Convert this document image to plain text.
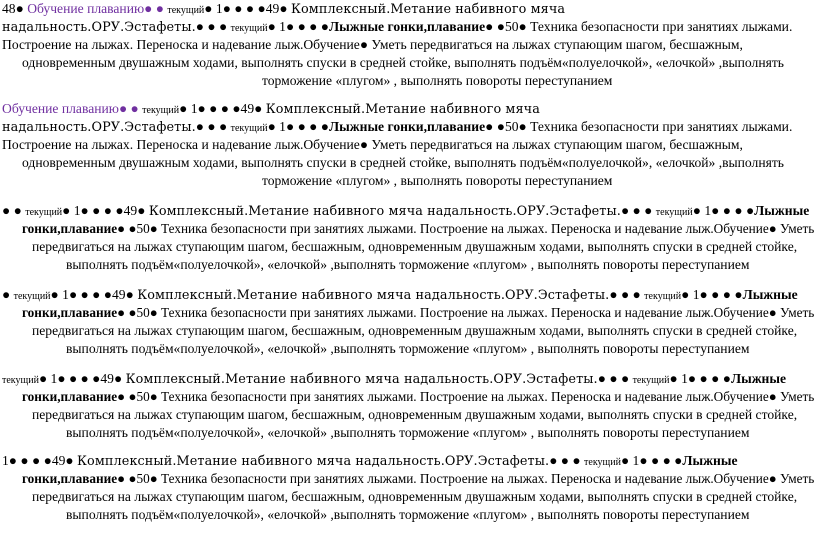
48● Обучение плаванию● ● текущий● 1● ● ● ●49● Комплексный.Метание набивного мяча
надальность.ОРУ.Эстафеты.● ● ● текущий● 1● ● ● ●Лыжные гонки,плавание● ●50● Техника безопасности при занятиях лыжами.
Построение на лыжах. Переноска и надевание лыж.Обучение● Уметь передвигаться на лыжах ступающим шагом, бесшажным,
одновременным двушажным ходами, выполнять спуски в средней стойке, выполнять подъём«полуелочкой», «елочкой» ,выполнять
торможение «плугом» , выполнять повороты переступанием
Обучение плаванию● ● текущий● 1● ● ● ●49● Комплексный.Метание набивного мяча
надальность.ОРУ.Эстафеты.● ● ● текущий● 1● ● ● ●Лыжные гонки,плавание● ●50● Техника безопасности при занятиях лыжами.
Построение на лыжах. Переноска и надевание лыж.Обучение● Уметь передвигаться на лыжах ступающим шагом, бесшажным,
одновременным двушажным ходами, выполнять спуски в средней стойке, выполнять подъём«полуелочкой», «елочкой» ,выполнять
торможение «плугом» , выполнять повороты переступанием
● ● текущий● 1● ● ● ●49● Комплексный.Метание набивного мяча надальность.ОРУ.Эстафеты.● ● ● текущий● 1● ● ● ●Лыжные
гонки,плавание● ●50● Техника безопасности при занятиях лыжами. Построение на лыжах. Переноска и надевание лыж.Обучение● Уметь
передвигаться на лыжах ступающим шагом, бесшажным, одновременным двушажным ходами, выполнять спуски в средней стойке,
выполнять подъём«полуелочкой», «елочкой» ,выполнять торможение «плугом» , выполнять повороты переступанием
● текущий● 1● ● ● ●49● Комплексный.Метание набивного мяча надальность.ОРУ.Эстафеты.● ● ● текущий● 1● ● ● ●Лыжные
гонки,плавание● ●50● Техника безопасности при занятиях лыжами. Построение на лыжах. Переноска и надевание лыж.Обучение● Уметь
передвигаться на лыжах ступающим шагом, бесшажным, одновременным двушажным ходами, выполнять спуски в средней стойке,
выполнять подъём«полуелочкой», «елочкой» ,выполнять торможение «плугом» , выполнять повороты переступанием
текущий● 1● ● ● ●49● Комплексный.Метание набивного мяча надальность.ОРУ.Эстафеты.● ● ● текущий● 1● ● ● ●Лыжные
гонки,плавание● ●50● Техника безопасности при занятиях лыжами. Построение на лыжах. Переноска и надевание лыж.Обучение● Уметь
передвигаться на лыжах ступающим шагом, бесшажным, одновременным двушажным ходами, выполнять спуски в средней стойке,
выполнять подъём«полуелочкой», «елочкой» ,выполнять торможение «плугом» , выполнять повороты переступанием
1● ● ● ●49● Комплексный.Метание набивного мяча надальность.ОРУ.Эстафеты.● ● ● текущий● 1● ● ● ●Лыжные
гонки,плавание● ●50● Техника безопасности при занятиях лыжами. Построение на лыжах. Переноска и надевание лыж.Обучение● Уметь
передвигаться на лыжах ступающим шагом, бесшажным, одновременным двушажным ходами, выполнять спуски в средней стойке,
выполнять подъём«полуелочкой», «елочкой» ,выполнять торможение «плугом» , выполнять повороты переступанием
